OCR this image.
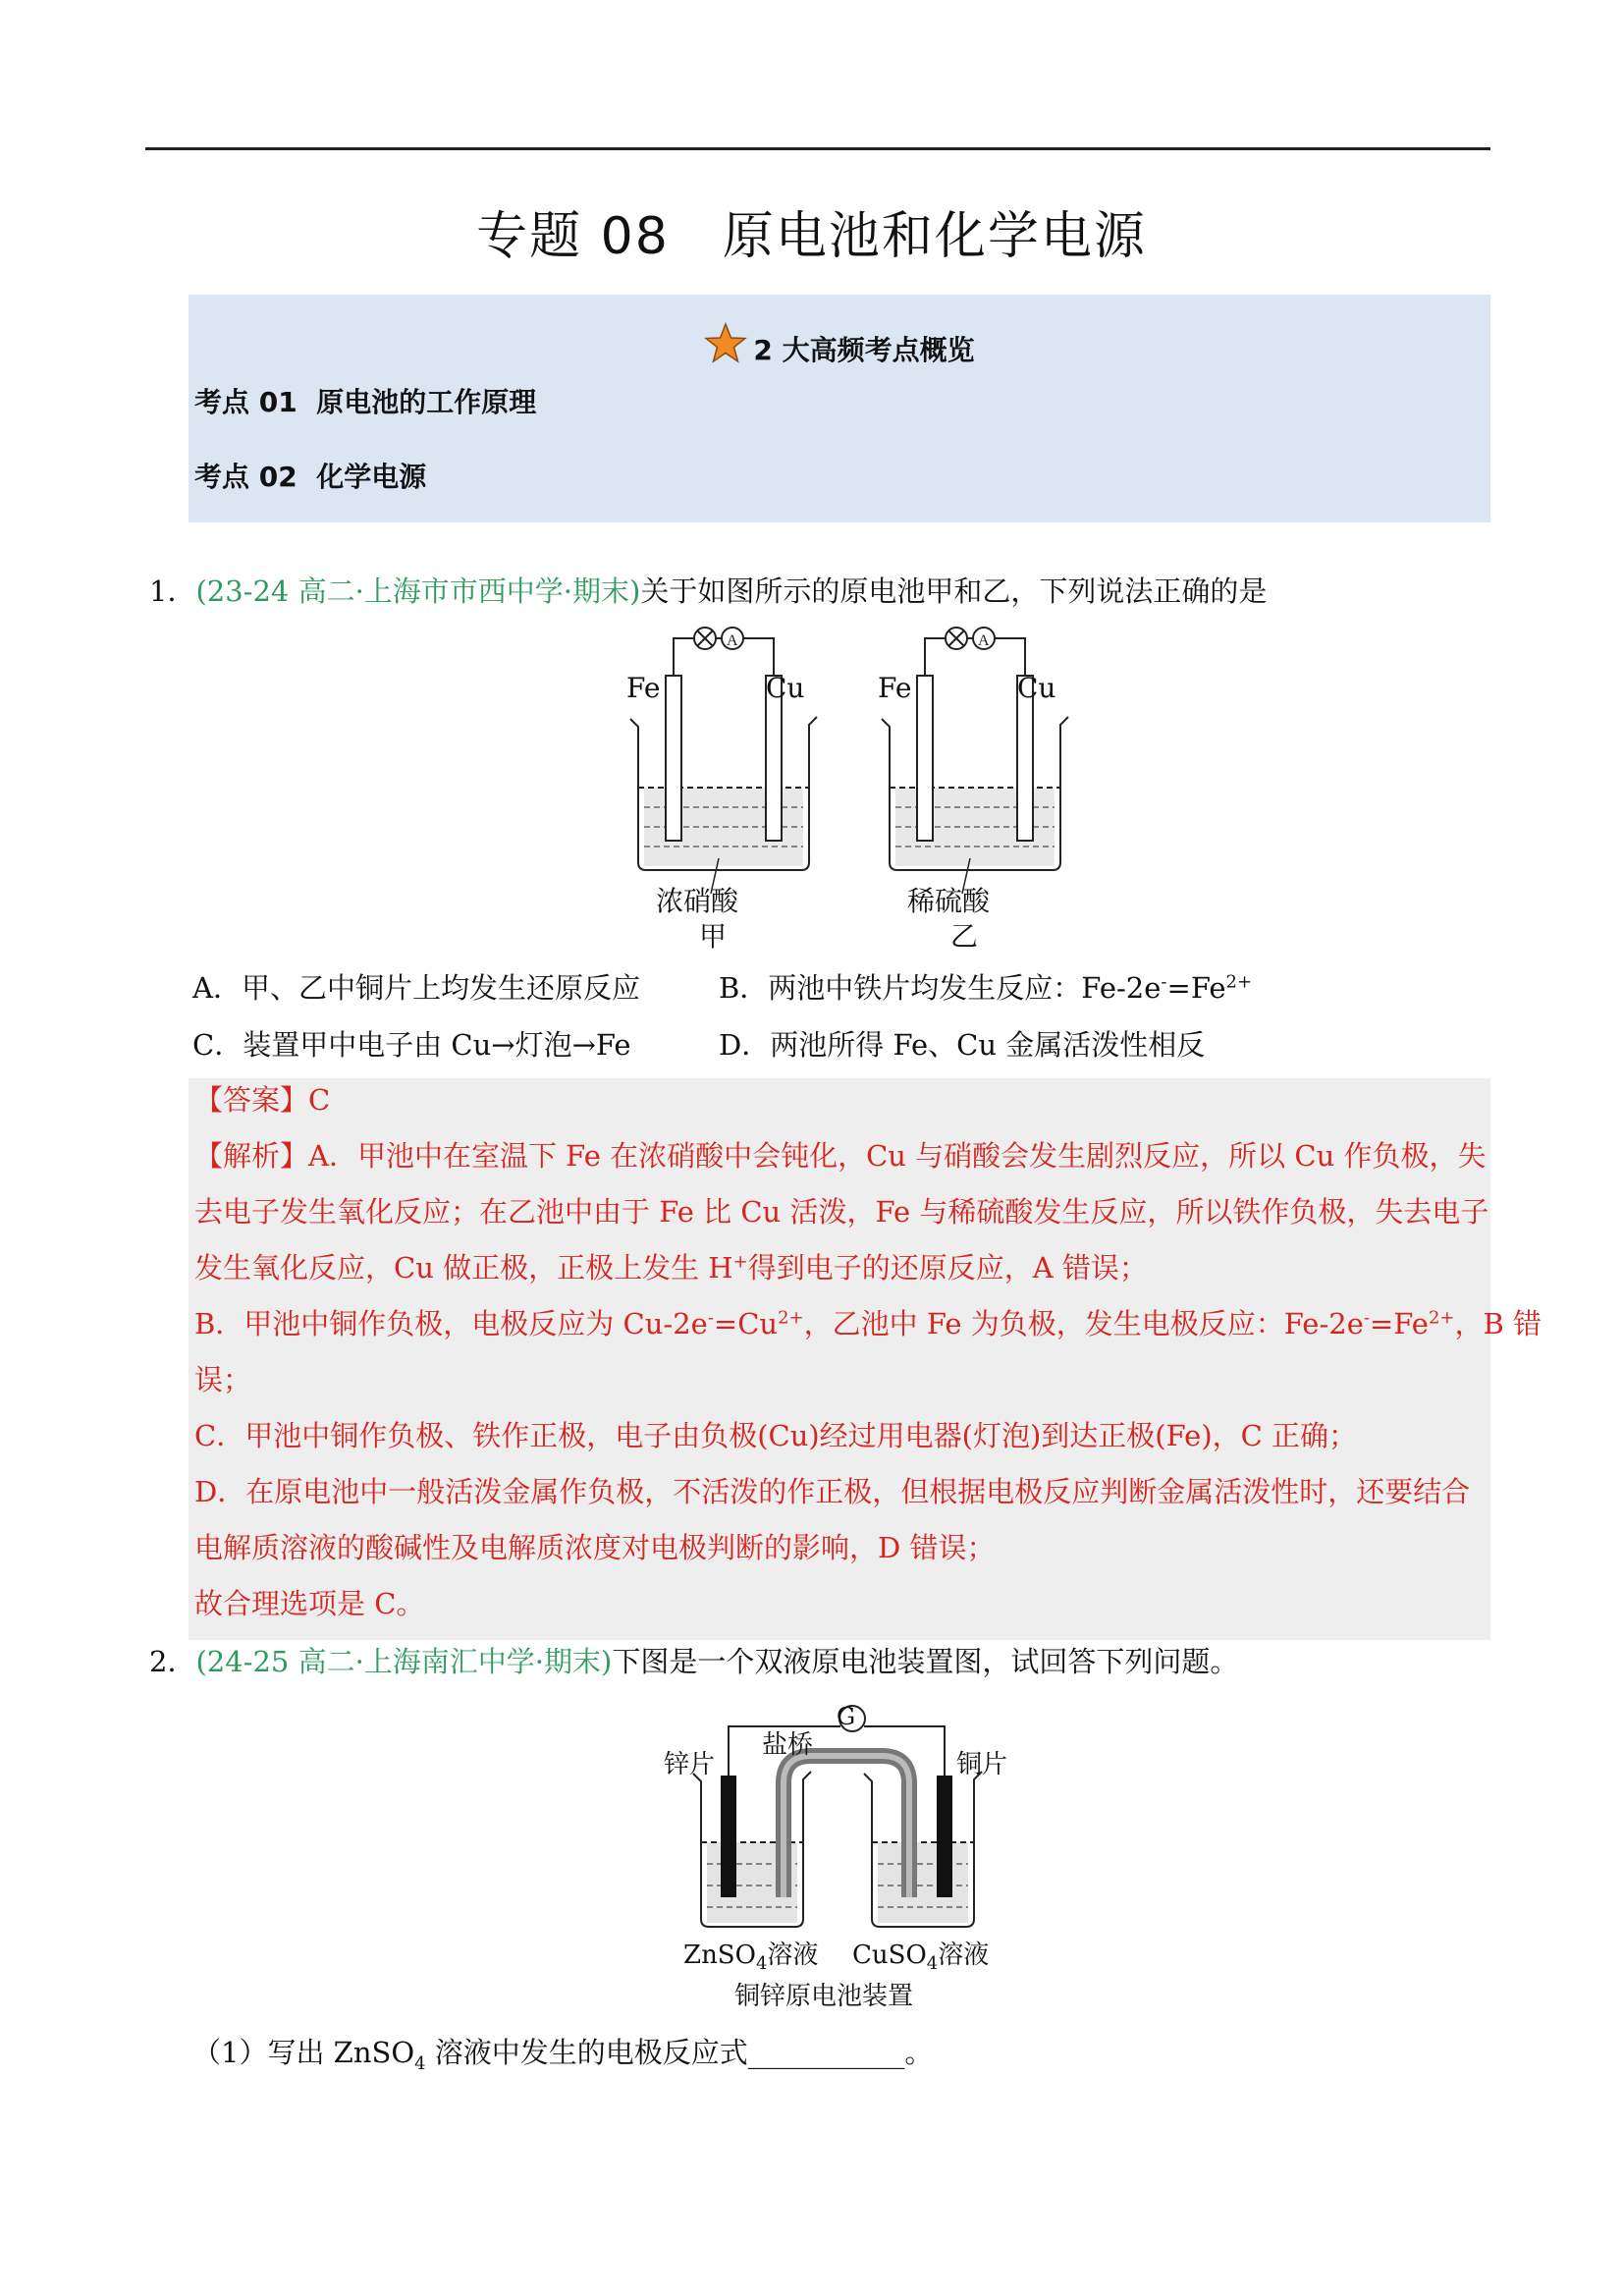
专题 08　原电池和化学电源
2 大高频考点概览
考点 01 原电池的工作原理
考点 02 化学电源
1．(23-24 高二·上海市市西中学·期末)关于如图所示的原电池甲和乙，下列说法正确的是
A	A
Fe	Cu	Fe	Cu
浓硝酸
甲
稀硫酸
乙
A．甲、乙中铜片上均发生还原反应	B．两池中铁片均发生反应：$Fe-2e^-=Fe^{2+}$
C．装置甲中电子由 Cu→灯泡→Fe	D．两池所得 Fe、Cu 金属活泼性相反
【答案】C
【解析】A．甲池中在室温下 Fe 在浓硝酸中会钝化，Cu 与硝酸会发生剧烈反应，所以 Cu 作负极，失
去电子发生氧化反应；在乙池中由于 Fe 比 Cu 活泼，Fe 与稀硫酸发生反应，所以铁作负极，失去电子
发生氧化反应，Cu 做正极，正极上发生 H+得到电子的还原反应，A 错误；
B．甲池中铜作负极，电极反应为 $Cu-2e^-=Cu^{2+}$，乙池中 Fe 为负极，发生电极反应：$Fe-2e^-=Fe^{2+}$，B 错
误；
C．甲池中铜作负极、铁作正极，电子由负极(Cu)经过用电器(灯泡)到达正极(Fe)，C 正确；
D．在原电池中一般活泼金属作负极，不活泼的作正极，但根据电极反应判断金属活泼性时，还要结合
电解质溶液的酸碱性及电解质浓度对电极判断的影响，D 错误；
故合理选项是 C。
2．(24-25 高二·上海南汇中学·期末)下图是一个双液原电池装置图，试回答下列问题。
G
盐桥
锌片	铜片
ZnSO$_4$溶液 CuSO$_4$溶液
铜锌原电池装置
（1）写出 ZnSO$_4$ 溶液中发生的电极反应式___________。
